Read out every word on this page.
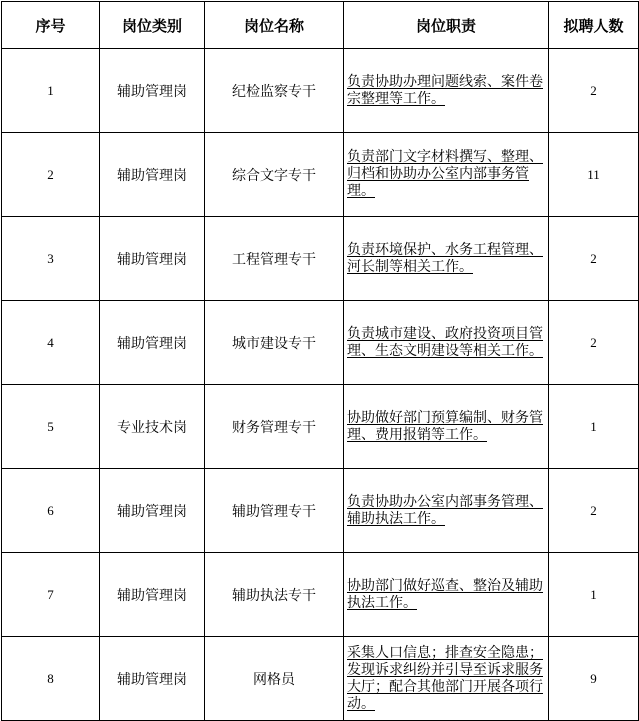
序号	岗位类别	岗位名称	岗位职责	拟聘人数
1	辅助管理岗	纪检监察专干	负责协助办理问题线索、案件卷宗整理等工作。	2
2	辅助管理岗	综合文字专干	负责部门文字材料撰写、整理、归档和协助办公室内部事务管理。	11
3	辅助管理岗	工程管理专干	负责环境保护、水务工程管理、河长制等相关工作。	2
4	辅助管理岗	城市建设专干	负责城市建设、政府投资项目管理、生态文明建设等相关工作。	2
5	专业技术岗	财务管理专干	协助做好部门预算编制、财务管理、费用报销等工作。	1
6	辅助管理岗	辅助管理专干	负责协助办公室内部事务管理、辅助执法工作。	2
7	辅助管理岗	辅助执法专干	协助部门做好巡查、整治及辅助执法工作。	1
8	辅助管理岗	网格员	采集人口信息；排查安全隐患；发现诉求纠纷并引导至诉求服务大厅；配合其他部门开展各项行动。	9
